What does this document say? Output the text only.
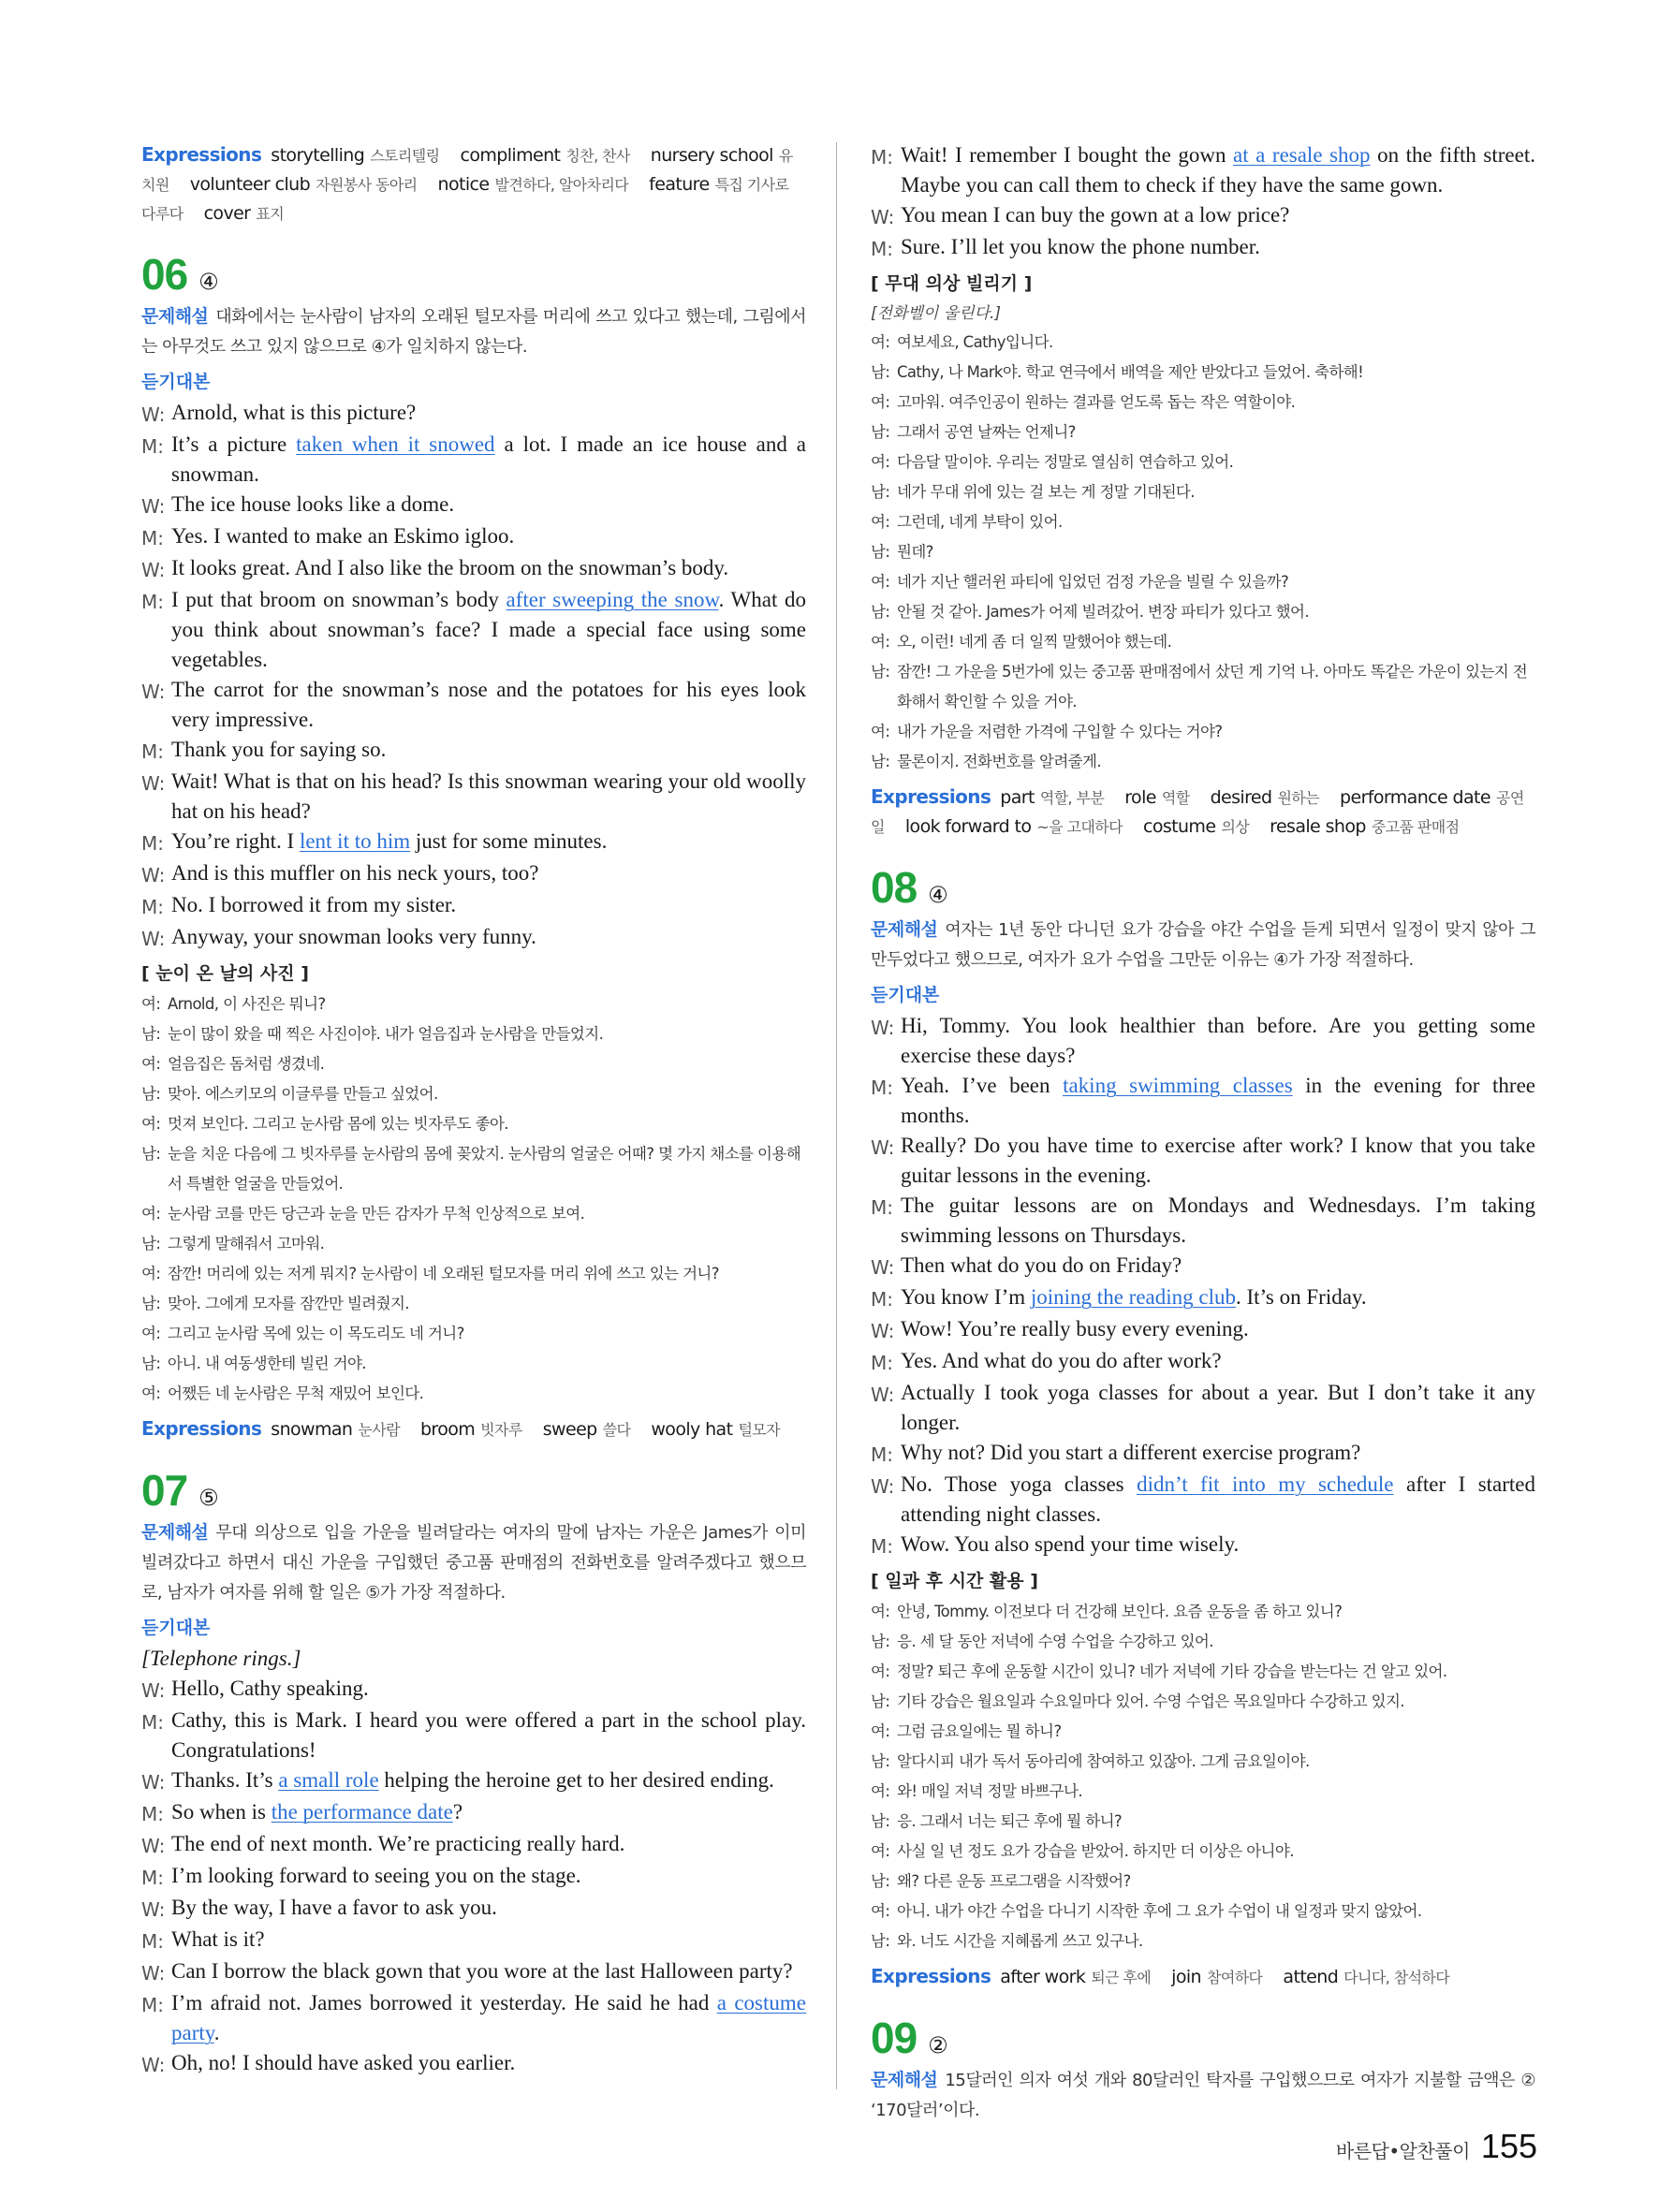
Expressions storytelling 스토리텔링 compliment 칭찬, 찬사 nursery school 유치원 volunteer club 자원봉사 동아리 notice 발견하다, 알아차리다 feature 특집 기사로 다루다 cover 표지
06 ④
문제해설 대화에서는 눈사람이 남자의 오래된 털모자를 머리에 쓰고 있다고 했는데, 그림에서는 아무것도 쓰고 있지 않으므로 ④가 일치하지 않는다.
듣기대본
W: Arnold, what is this picture?
M: It’s a picture taken when it snowed a lot. I made an ice house and a snowman.
W: The ice house looks like a dome.
M: Yes. I wanted to make an Eskimo igloo.
W: It looks great. And I also like the broom on the snowman’s body.
M: I put that broom on snowman’s body after sweeping the snow. What do you think about snowman’s face? I made a special face using some vegetables.
W: The carrot for the snowman’s nose and the potatoes for his eyes look very impressive.
M: Thank you for saying so.
W: Wait! What is that on his head? Is this snowman wearing your old woolly hat on his head?
M: You’re right. I lent it to him just for some minutes.
W: And is this muffler on his neck yours, too?
M: No. I borrowed it from my sister.
W: Anyway, your snowman looks very funny.
[ 눈이 온 날의 사진 ]
여: Arnold, 이 사진은 뭐니?
남: 눈이 많이 왔을 때 찍은 사진이야. 내가 얼음집과 눈사람을 만들었지.
여: 얼음집은 돔처럼 생겼네.
남: 맞아. 에스키모의 이글루를 만들고 싶었어.
여: 멋져 보인다. 그리고 눈사람 몸에 있는 빗자루도 좋아.
남: 눈을 치운 다음에 그 빗자루를 눈사람의 몸에 꽂았지. 눈사람의 얼굴은 어때? 몇 가지 채소를 이용해서 특별한 얼굴을 만들었어.
여: 눈사람 코를 만든 당근과 눈을 만든 감자가 무척 인상적으로 보여.
남: 그렇게 말해줘서 고마워.
여: 잠깐! 머리에 있는 저게 뭐지? 눈사람이 네 오래된 털모자를 머리 위에 쓰고 있는 거니?
남: 맞아. 그에게 모자를 잠깐만 빌려줬지.
여: 그리고 눈사람 목에 있는 이 목도리도 네 거니?
남: 아니. 내 여동생한테 빌린 거야.
여: 어쨌든 네 눈사람은 무척 재밌어 보인다.
Expressions snowman 눈사람 broom 빗자루 sweep 쓸다 wooly hat 털모자
07 ⑤
문제해설 무대 의상으로 입을 가운을 빌려달라는 여자의 말에 남자는 가운은 James가 이미 빌려갔다고 하면서 대신 가운을 구입했던 중고품 판매점의 전화번호를 알려주겠다고 했으므로, 남자가 여자를 위해 할 일은 ⑤가 가장 적절하다.
듣기대본
[Telephone rings.]
W: Hello, Cathy speaking.
M: Cathy, this is Mark. I heard you were offered a part in the school play. Congratulations!
W: Thanks. It’s a small role helping the heroine get to her desired ending.
M: So when is the performance date?
W: The end of next month. We’re practicing really hard.
M: I’m looking forward to seeing you on the stage.
W: By the way, I have a favor to ask you.
M: What is it?
W: Can I borrow the black gown that you wore at the last Halloween party?
M: I’m afraid not. James borrowed it yesterday. He said he had a costume party.
W: Oh, no! I should have asked you earlier.
M: Wait! I remember I bought the gown at a resale shop on the fifth street. Maybe you can call them to check if they have the same gown.
W: You mean I can buy the gown at a low price?
M: Sure. I’ll let you know the phone number.
[ 무대 의상 빌리기 ]
[전화벨이 울린다.]
여: 여보세요, Cathy입니다.
남: Cathy, 나 Mark야. 학교 연극에서 배역을 제안 받았다고 들었어. 축하해!
여: 고마워. 여주인공이 원하는 결과를 얻도록 돕는 작은 역할이야.
남: 그래서 공연 날짜는 언제니?
여: 다음달 말이야. 우리는 정말로 열심히 연습하고 있어.
남: 네가 무대 위에 있는 걸 보는 게 정말 기대된다.
여: 그런데, 네게 부탁이 있어.
남: 뭔데?
여: 네가 지난 핼러윈 파티에 입었던 검정 가운을 빌릴 수 있을까?
남: 안될 것 같아. James가 어제 빌려갔어. 변장 파티가 있다고 했어.
여: 오, 이런! 네게 좀 더 일찍 말했어야 했는데.
남: 잠깐! 그 가운을 5번가에 있는 중고품 판매점에서 샀던 게 기억 나. 아마도 똑같은 가운이 있는지 전화해서 확인할 수 있을 거야.
여: 내가 가운을 저렴한 가격에 구입할 수 있다는 거야?
남: 물론이지. 전화번호를 알려줄게.
Expressions part 역할, 부분 role 역할 desired 원하는 performance date 공연일 look forward to ~을 고대하다 costume 의상 resale shop 중고품 판매점
08 ④
문제해설 여자는 1년 동안 다니던 요가 강습을 야간 수업을 듣게 되면서 일정이 맞지 않아 그만두었다고 했으므로, 여자가 요가 수업을 그만둔 이유는 ④가 가장 적절하다.
듣기대본
W: Hi, Tommy. You look healthier than before. Are you getting some exercise these days?
M: Yeah. I’ve been taking swimming classes in the evening for three months.
W: Really? Do you have time to exercise after work? I know that you take guitar lessons in the evening.
M: The guitar lessons are on Mondays and Wednesdays. I’m taking swimming lessons on Thursdays.
W: Then what do you do on Friday?
M: You know I’m joining the reading club. It’s on Friday.
W: Wow! You’re really busy every evening.
M: Yes. And what do you do after work?
W: Actually I took yoga classes for about a year. But I don’t take it any longer.
M: Why not? Did you start a different exercise program?
W: No. Those yoga classes didn’t fit into my schedule after I started attending night classes.
M: Wow. You also spend your time wisely.
[ 일과 후 시간 활용 ]
여: 안녕, Tommy. 이전보다 더 건강해 보인다. 요즘 운동을 좀 하고 있니?
남: 응. 세 달 동안 저녁에 수영 수업을 수강하고 있어.
여: 정말? 퇴근 후에 운동할 시간이 있니? 네가 저녁에 기타 강습을 받는다는 건 알고 있어.
남: 기타 강습은 월요일과 수요일마다 있어. 수영 수업은 목요일마다 수강하고 있지.
여: 그럼 금요일에는 뭘 하니?
남: 알다시피 내가 독서 동아리에 참여하고 있잖아. 그게 금요일이야.
여: 와! 매일 저녁 정말 바쁘구나.
남: 응. 그래서 너는 퇴근 후에 뭘 하니?
여: 사실 일 년 정도 요가 강습을 받았어. 하지만 더 이상은 아니야.
남: 왜? 다른 운동 프로그램을 시작했어?
여: 아니. 내가 야간 수업을 다니기 시작한 후에 그 요가 수업이 내 일정과 맞지 않았어.
남: 와. 너도 시간을 지혜롭게 쓰고 있구나.
Expressions after work 퇴근 후에 join 참여하다 attend 다니다, 참석하다
09 ②
문제해설 15달러인 의자 여섯 개와 80달러인 탁자를 구입했으므로 여자가 지불할 금액은 ② ‘170달러’이다.
바른답•알찬풀이 155
